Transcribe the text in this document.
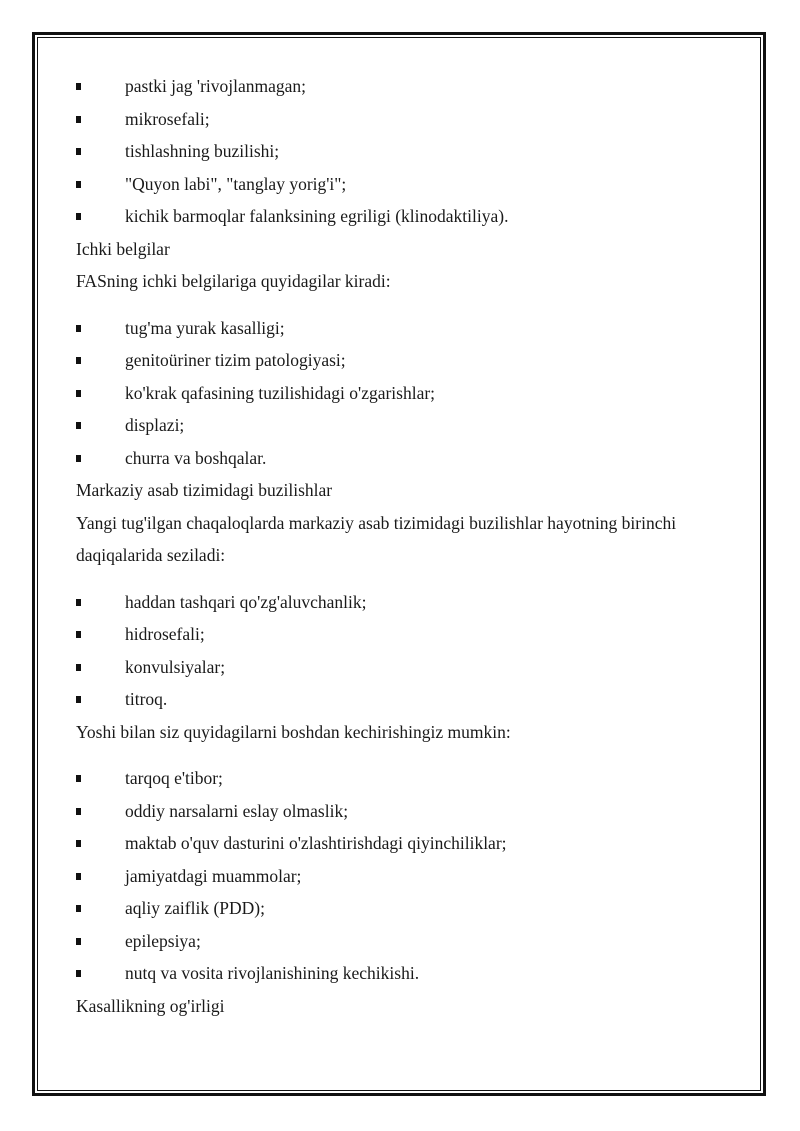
pastki jag 'rivojlanmagan;
mikrosefali;
tishlashning buzilishi;
"Quyon labi", "tanglay yorig'i";
kichik barmoqlar falanksining egriligi (klinodaktiliya).

Ichki belgilar

FASning ichki belgilariga quyidagilar kiradi:

tug'ma yurak kasalligi;
genitoüriner tizim patologiyasi;
ko'krak qafasining tuzilishidagi o'zgarishlar;
displazi;
churra va boshqalar.

Markaziy asab tizimidagi buzilishlar

Yangi tug'ilgan chaqaloqlarda markaziy asab tizimidagi buzilishlar hayotning birinchi daqiqalarida seziladi:

haddan tashqari qo'zg'aluvchanlik;
hidrosefali;
konvulsiyalar;
titroq.

Yoshi bilan siz quyidagilarni boshdan kechirishingiz mumkin:

tarqoq e'tibor;
oddiy narsalarni eslay olmaslik;
maktab o'quv dasturini o'zlashtirishdagi qiyinchiliklar;
jamiyatdagi muammolar;
aqliy zaiflik (PDD);
epilepsiya;
nutq va vosita rivojlanishining kechikishi.

Kasallikning og'irligi
